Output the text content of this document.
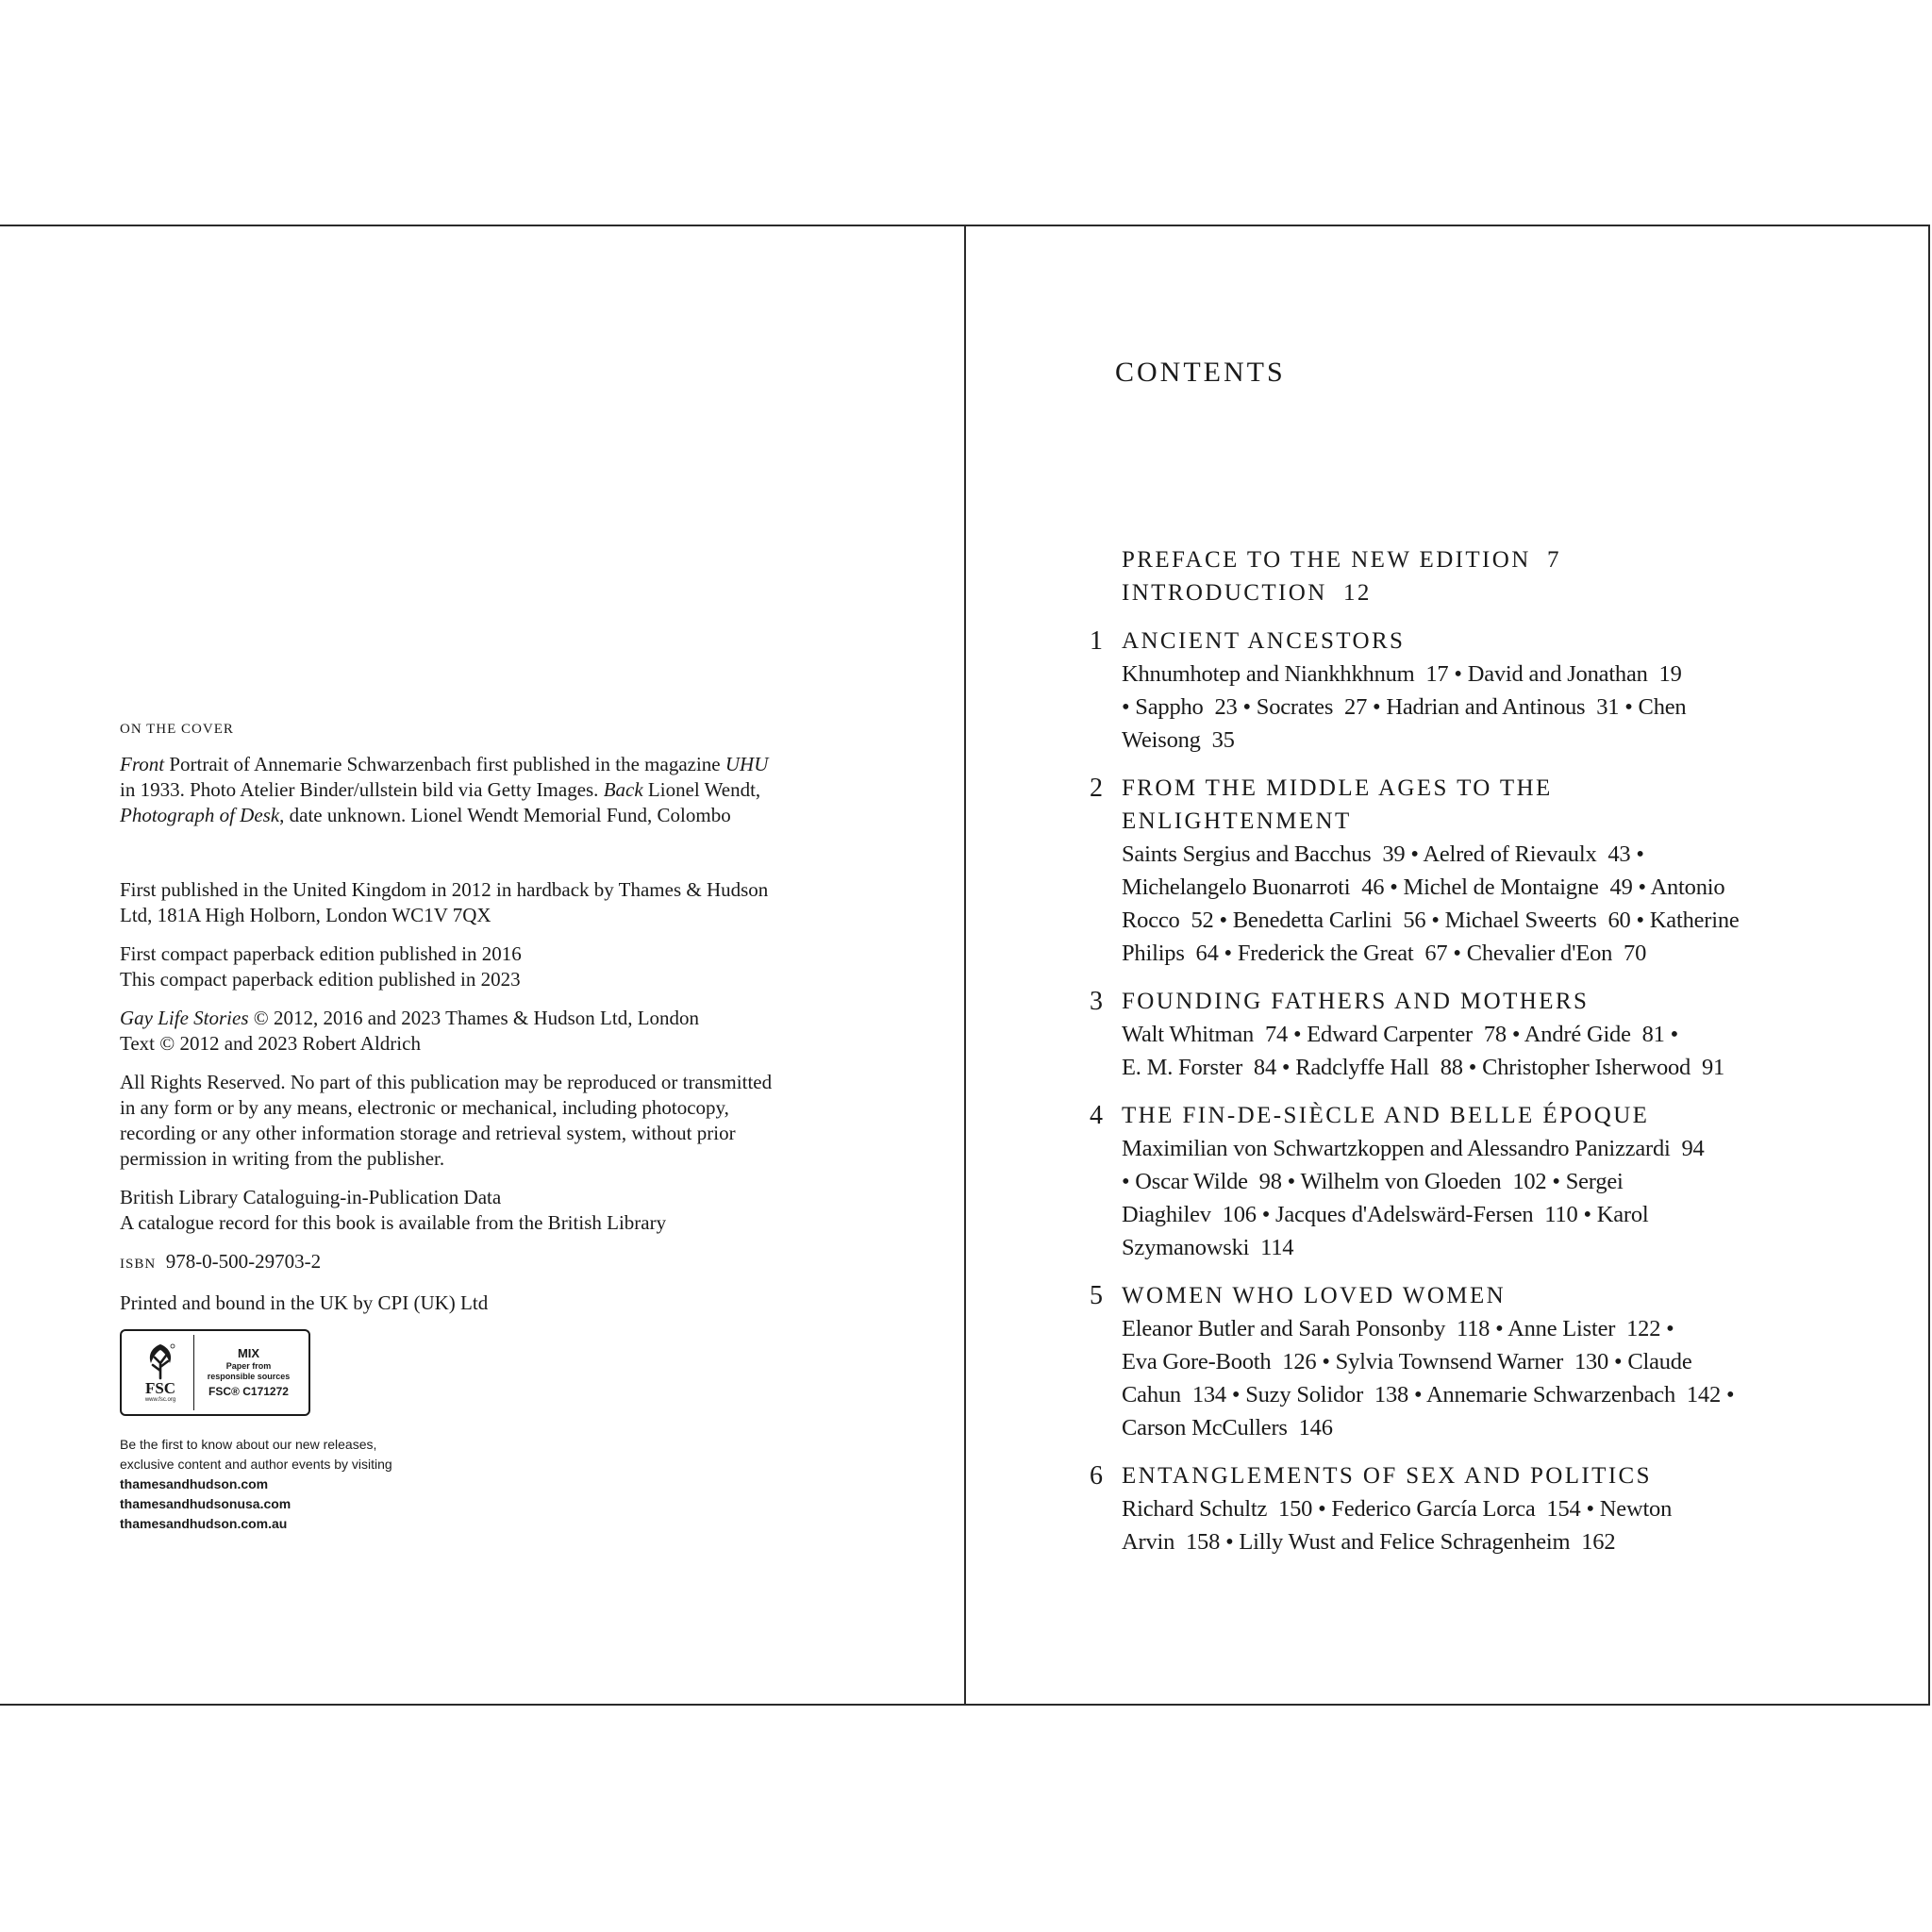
ON THE COVER

Front Portrait of Annemarie Schwarzenbach first published in the magazine UHU in 1933. Photo Atelier Binder/ullstein bild via Getty Images. Back Lionel Wendt, Photograph of Desk, date unknown. Lionel Wendt Memorial Fund, Colombo

First published in the United Kingdom in 2012 in hardback by Thames & Hudson Ltd, 181A High Holborn, London WC1V 7QX

First compact paperback edition published in 2016
This compact paperback edition published in 2023

Gay Life Stories © 2012, 2016 and 2023 Thames & Hudson Ltd, London
Text © 2012 and 2023 Robert Aldrich

All Rights Reserved. No part of this publication may be reproduced or transmitted in any form or by any means, electronic or mechanical, including photocopy, recording or any other information storage and retrieval system, without prior permission in writing from the publisher.

British Library Cataloguing-in-Publication Data
A catalogue record for this book is available from the British Library

ISBN 978-0-500-29703-2

Printed and bound in the UK by CPI (UK) Ltd

FSC
www.fsc.org
MIX
Paper from
responsible sources
FSC® C171272
Be the first to know about our new releases,
exclusive content and author events by visiting
thamesandhudson.com
thamesandhudsonusa.com
thamesandhudson.com.au
CONTENTS
PREFACE TO THE NEW EDITION  7
INTRODUCTION  12
1 ANCIENT ANCESTORS
Khnumhotep and Niankhkhnum  17 • David and Jonathan  19
• Sappho  23 • Socrates  27 • Hadrian and Antinous  31 • Chen
Weisong  35
2 FROM THE MIDDLE AGES TO THE
ENLIGHTENMENT
Saints Sergius and Bacchus  39 • Aelred of Rievaulx  43 •
Michelangelo Buonarroti  46 • Michel de Montaigne  49 • Antonio
Rocco  52 • Benedetta Carlini  56 • Michael Sweerts  60 • Katherine
Philips  64 • Frederick the Great  67 • Chevalier d'Eon  70
3 FOUNDING FATHERS AND MOTHERS
Walt Whitman  74 • Edward Carpenter  78 • André Gide  81 •
E. M. Forster  84 • Radclyffe Hall  88 • Christopher Isherwood  91
4 THE FIN-DE-SIÈCLE AND BELLE ÉPOQUE
Maximilian von Schwartzkoppen and Alessandro Panizzardi  94
• Oscar Wilde  98 • Wilhelm von Gloeden  102 • Sergei
Diaghilev  106 • Jacques d'Adelswärd-Fersen  110 • Karol
Szymanowski  114
5 WOMEN WHO LOVED WOMEN
Eleanor Butler and Sarah Ponsonby  118 • Anne Lister  122 •
Eva Gore-Booth  126 • Sylvia Townsend Warner  130 • Claude
Cahun  134 • Suzy Solidor  138 • Annemarie Schwarzenbach  142 •
Carson McCullers  146
6 ENTANGLEMENTS OF SEX AND POLITICS
Richard Schultz  150 • Federico García Lorca  154 • Newton
Arvin  158 • Lilly Wust and Felice Schragenheim  162
